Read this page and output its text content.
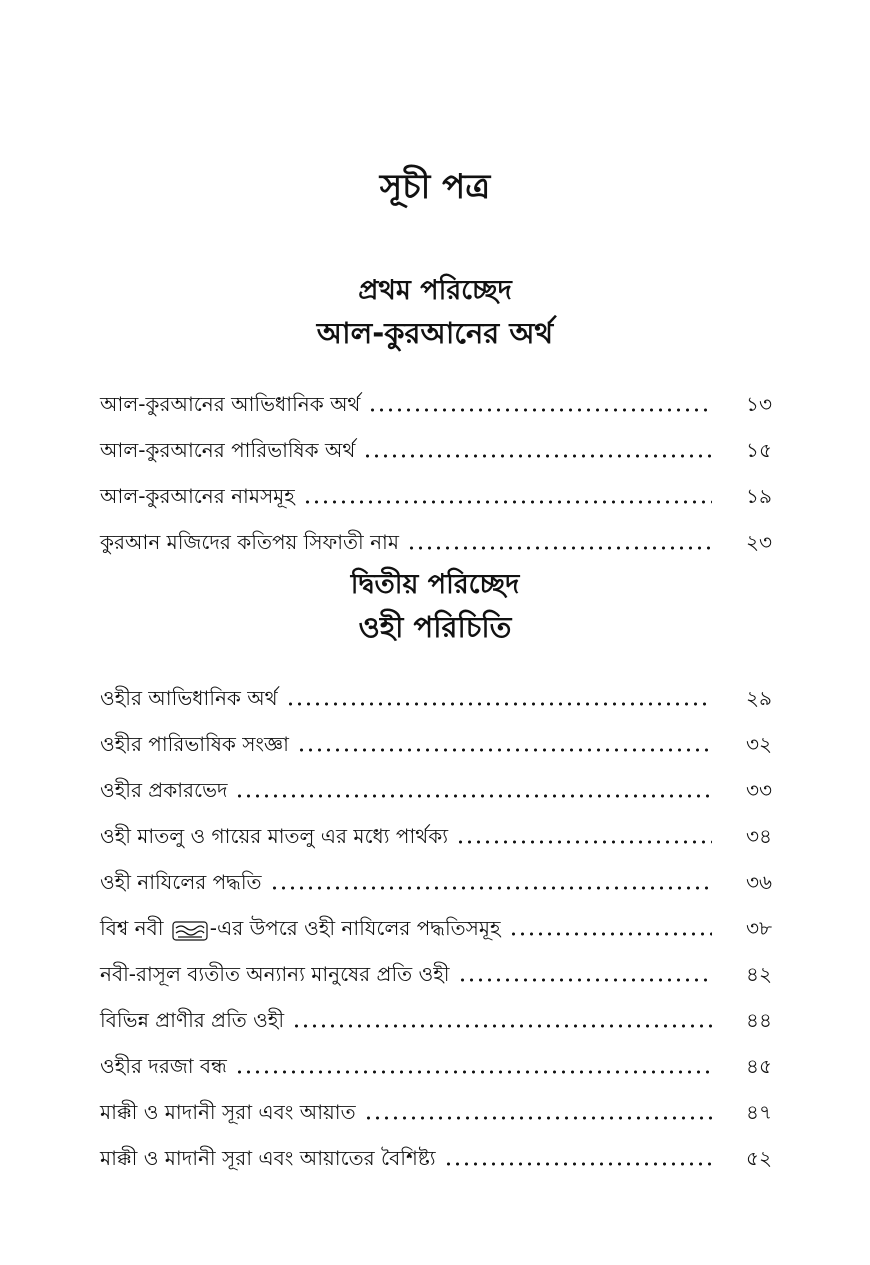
সূচী পত্র
প্রথম পরিচ্ছেদ
আল-কুরআনের অর্থ
আল-কুরআনের আভিধানিক অর্থ	১৩
আল-কুরআনের পারিভাষিক অর্থ	১৫
আল-কুরআনের নামসমূহ	১৯
কুরআন মজিদের কতিপয় সিফাতী নাম	২৩
দ্বিতীয় পরিচ্ছেদ
ওহী পরিচিতি
ওহীর আভিধানিক অর্থ	২৯
ওহীর পারিভাষিক সংজ্ঞা	৩২
ওহীর প্রকারভেদ	৩৩
ওহী মাতলু ও গায়ের মাতলু এর মধ্যে পার্থক্য	৩৪
ওহী নাযিলের পদ্ধতি	৩৬
বিশ্ব নবী -এর উপরে ওহী নাযিলের পদ্ধতিসমূহ	৩৮
নবী-রাসূল ব্যতীত অন্যান্য মানুষের প্রতি ওহী	৪২
বিভিন্ন প্রাণীর প্রতি ওহী	৪৪
ওহীর দরজা বন্ধ	৪৫
মাক্কী ও মাদানী সূরা এবং আয়াত	৪৭
মাক্কী ও মাদানী সূরা এবং আয়াতের বৈশিষ্ট্য	৫২
